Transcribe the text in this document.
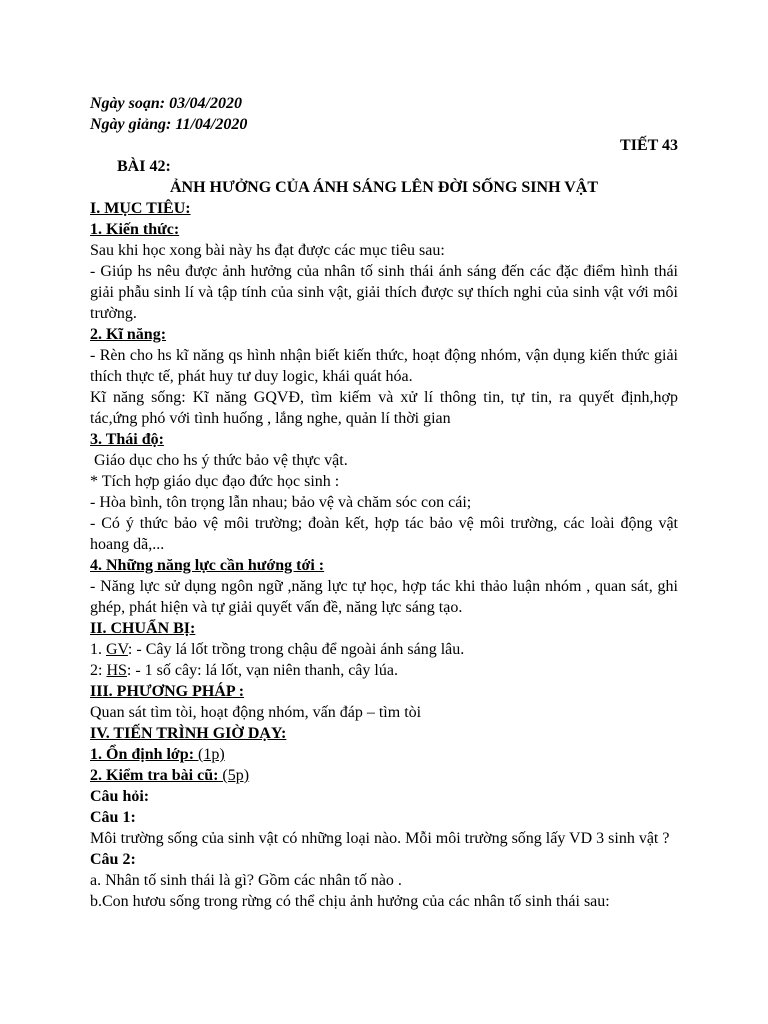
Ngày soạn: 03/04/2020

Ngày giảng: 11/04/2020

TIẾT 43

BÀI 42:

ẢNH HƯỞNG CỦA ÁNH SÁNG LÊN ĐỜI SỐNG SINH VẬT

I. MỤC TIÊU:

1. Kiến thức:

Sau khi học xong bài này hs đạt được các mục tiêu sau:

- Giúp hs nêu được ảnh hưởng của nhân tố sinh thái ánh sáng đến các đặc điểm hình thái giải phẫu sinh lí và tập tính của sinh vật, giải thích được sự thích nghi của sinh vật với môi trường.

2. Kĩ năng:

- Rèn cho hs kĩ năng qs hình nhận biết kiến thức, hoạt động nhóm, vận dụng kiến thức giải thích thực tế, phát huy tư duy logic, khái quát hóa.

Kĩ năng sống: Kĩ năng GQVĐ, tìm kiếm và xử lí thông tin, tự tin, ra quyết định,hợp tác,ứng phó với tình huống , lắng nghe, quản lí thời gian

3. Thái độ:

Giáo dục cho hs ý thức bảo vệ thực vật.

* Tích hợp giáo dục đạo đức học sinh :

- Hòa bình, tôn trọng lẫn nhau; bảo vệ và chăm sóc con cái;

- Có ý thức bảo vệ môi trường; đoàn kết, hợp tác bảo vệ môi trường, các loài động vật hoang dã,...

4. Những năng lực cần hướng tới :

- Năng lực sử dụng ngôn ngữ ,năng lực tự học, hợp tác khi thảo luận nhóm , quan sát, ghi ghép, phát hiện và tự giải quyết vấn đề, năng lực sáng tạo.

II. CHUẨN BỊ:

1. GV: - Cây lá lốt trồng trong chậu để ngoài ánh sáng lâu.

2: HS: - 1 số cây: lá lốt, vạn niên thanh, cây lúa.

III. PHƯƠNG PHÁP :

Quan sát tìm tòi, hoạt động nhóm, vấn đáp – tìm tòi

IV. TIẾN TRÌNH GIỜ DẠY:

1. Ổn định lớp: (1p)

2. Kiểm tra bài cũ: (5p)

Câu hỏi:

Câu 1:

Môi trường sống của sinh vật có những loại nào. Mỗi môi trường sống lấy VD 3 sinh vật ?

Câu 2:

a. Nhân tố sinh thái là gì? Gồm các nhân tố nào .

b.Con hươu sống trong rừng có thể chịu ảnh hưởng của các nhân tố sinh thái sau:
